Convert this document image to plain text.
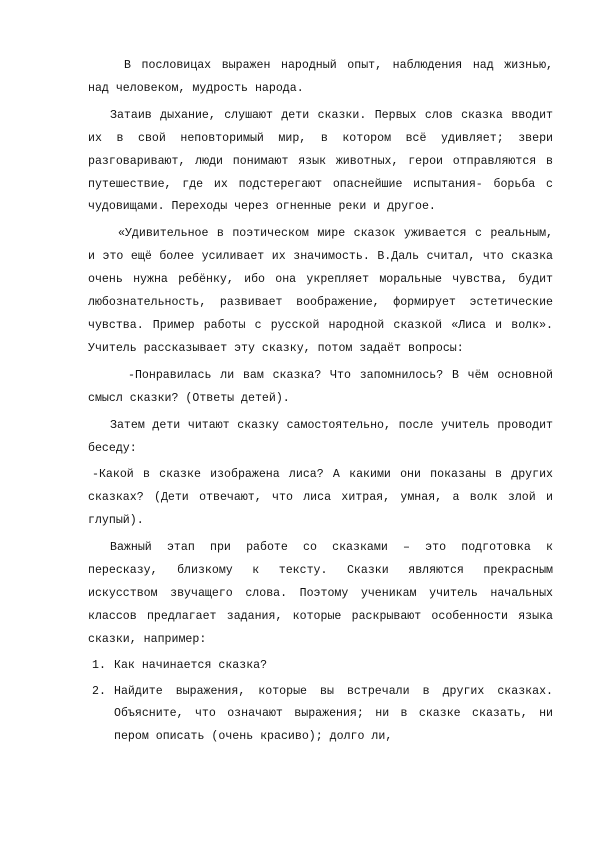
В пословицах выражен народный опыт, наблюдения над жизнью, над человеком, мудрость народа.

Затаив дыхание, слушают дети сказки. Первых слов сказка вводит их в свой неповторимый мир, в котором всё удивляет; звери разговаривают, люди понимают язык животных, герои отправляются в путешествие, где их подстерегают опаснейшие испытания- борьба с чудовищами. Переходы через огненные реки и другое.

«Удивительное в поэтическом мире сказок уживается с реальным, и это ещё более усиливает их значимость. В.Даль считал, что сказка очень нужна ребёнку, ибо она укрепляет моральные чувства, будит любознательность, развивает воображение, формирует эстетические чувства. Пример работы с русской народной сказкой «Лиса и волк». Учитель рассказывает эту сказку, потом задаёт вопросы:

-Понравилась ли вам сказка? Что запомнилось? В чём основной смысл сказки? (Ответы детей).

Затем дети читают сказку самостоятельно, после учитель проводит беседу:

-Какой в сказке изображена лиса? А какими они показаны в других сказках? (Дети отвечают, что лиса хитрая, умная, а волк злой и глупый).

Важный этап при работе со сказками – это подготовка к пересказу, близкому к тексту. Сказки являются прекрасным искусством звучащего слова. Поэтому ученикам учитель начальных классов предлагает задания, которые раскрывают особенности языка сказки, например:

1. Как начинается сказка?
2. Найдите выражения, которые вы встречали в других сказках. Объясните, что означают выражения; ни в сказке сказать, ни пером описать (очень красиво); долго ли,
